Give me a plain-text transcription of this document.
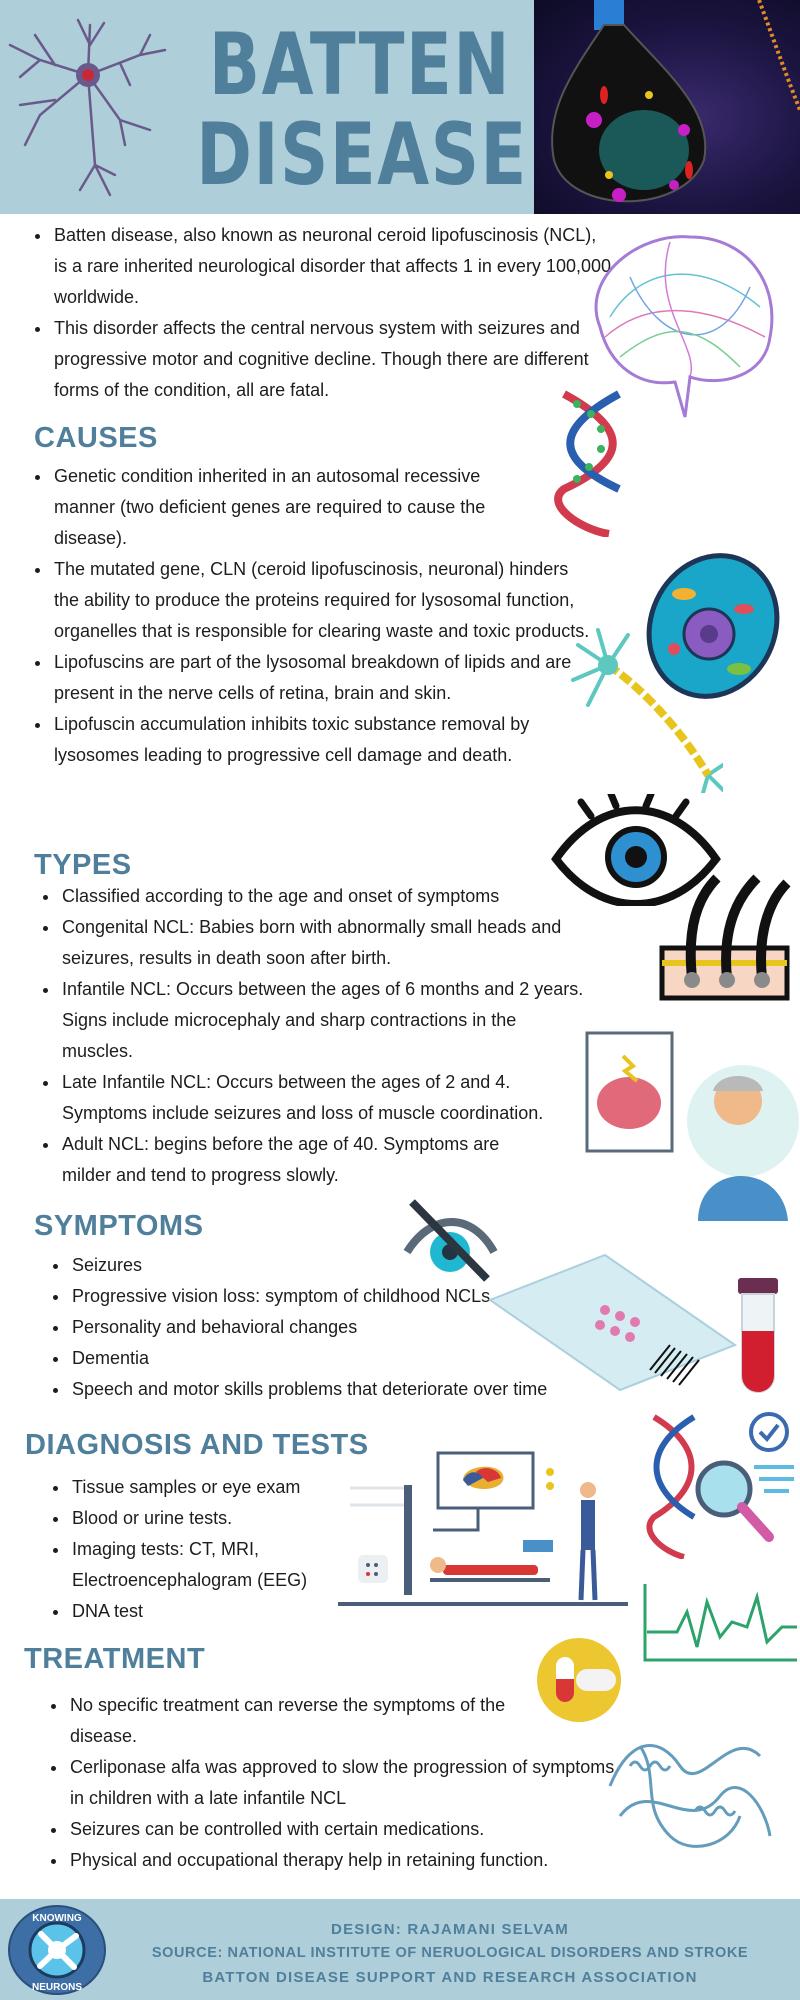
BATTEN
DISEASE
• Batten disease, also known as neuronal ceroid lipofuscinosis (NCL), is a rare inherited neurological disorder that affects 1 in every 100,000 worldwide.
• This disorder affects the central nervous system with seizures and progressive motor and cognitive decline. Though there are different forms of the condition, all are fatal.
CAUSES
• Genetic condition inherited in an autosomal recessive manner (two deficient genes are required to cause the disease).
• The mutated gene, CLN (ceroid lipofuscinosis, neuronal) hinders the ability to produce the proteins required for lysosomal function, organelles that is responsible for clearing waste and toxic products.
• Lipofuscins are part of the lysosomal breakdown of lipids and are present in the nerve cells of retina, brain and skin.
• Lipofuscin accumulation inhibits toxic substance removal by lysosomes leading to progressive cell damage and death.
TYPES
• Classified according to the age and onset of symptoms
• Congenital NCL: Babies born with abnormally small heads and seizures, results in death soon after birth.
• Infantile NCL: Occurs between the ages of 6 months and 2 years. Signs include microcephaly and sharp contractions in the muscles.
• Late Infantile NCL: Occurs between the ages of 2 and 4. Symptoms include seizures and loss of muscle coordination.
• Adult NCL: begins before the age of 40. Symptoms are milder and tend to progress slowly.
SYMPTOMS
• Seizures
• Progressive vision loss: symptom of childhood NCLs.
• Personality and behavioral changes
• Dementia
• Speech and motor skills problems that deteriorate over time
DIAGNOSIS AND TESTS
• Tissue samples or eye exam
• Blood or urine tests.
• Imaging tests: CT, MRI, Electroencephalogram (EEG)
• DNA test
TREATMENT
• No specific treatment can reverse the symptoms of the disease.
• Cerliponase alfa was approved to slow the progression of symptoms in children with a late infantile NCL
• Seizures can be controlled with certain medications.
• Physical and occupational therapy help in retaining function.
KNOWING
NEURONS
DESIGN: RAJAMANI SELVAM
SOURCE: NATIONAL INSTITUTE OF NERUOLOGICAL DISORDERS AND STROKE
BATTON DISEASE SUPPORT AND RESEARCH ASSOCIATION
